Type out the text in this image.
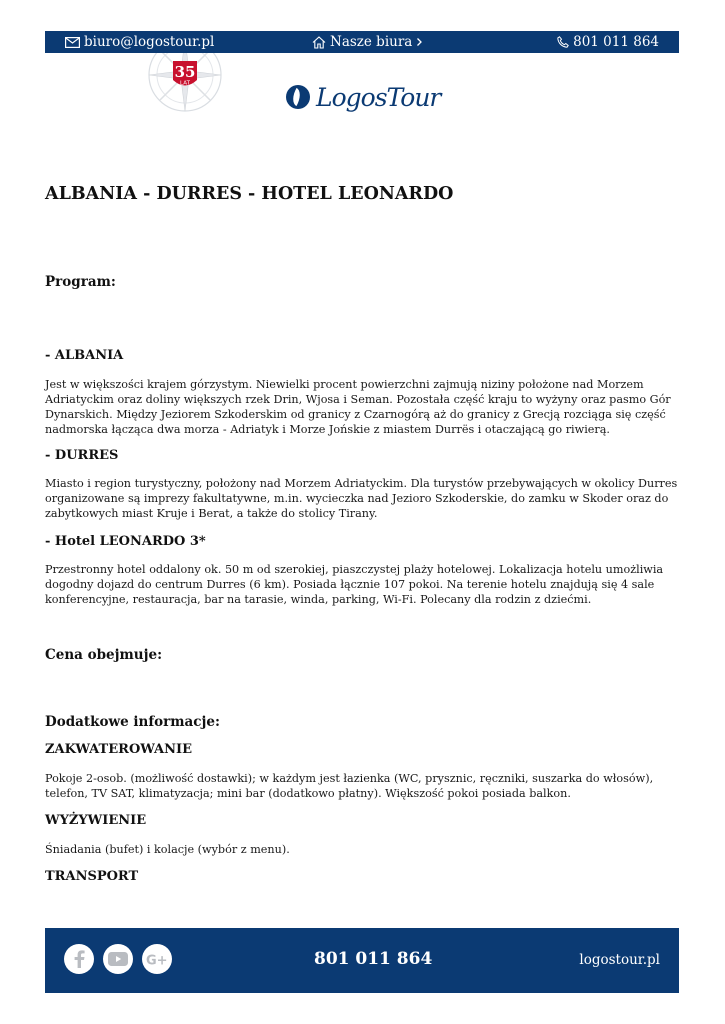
biuro@logostour.pl	Nasze biura	801 011 864
35
LAT	LogosTour
ALBANIA - DURRES - HOTEL LEONARDO

Program:

- ALBANIA

Jest w większości krajem górzystym. Niewielki procent powierzchni zajmują niziny położone nad Morzem Adriatyckim oraz doliny większych rzek Drin, Wjosa i Seman. Pozostała część kraju to wyżyny oraz pasmo Gór Dynarskich. Między Jeziorem Szkoderskim od granicy z Czarnogórą aż do granicy z Grecją rozciąga się część nadmorska łącząca dwa morza - Adriatyk i Morze Jońskie z miastem Durrës i otaczającą go riwierą.

- DURRES

Miasto i region turystyczny, położony nad Morzem Adriatyckim. Dla turystów przebywających w okolicy Durres organizowane są imprezy fakultatywne, m.in. wycieczka nad Jezioro Szkoderskie, do zamku w Skoder oraz do zabytkowych miast Kruje i Berat, a także do stolicy Tirany.

- Hotel LEONARDO 3*

Przestronny hotel oddalony ok. 50 m od szerokiej, piaszczystej plaży hotelowej. Lokalizacja hotelu umożliwia dogodny dojazd do centrum Durres (6 km). Posiada łącznie 107 pokoi. Na terenie hotelu znajdują się 4 sale konferencyjne, restauracja, bar na tarasie, winda, parking, Wi-Fi. Polecany dla rodzin z dziećmi.

Cena obejmuje:

Dodatkowe informacje:

ZAKWATEROWANIE

Pokoje 2-osob. (możliwość dostawki); w każdym jest łazienka (WC, prysznic, ręczniki, suszarka do włosów), telefon, TV SAT, klimatyzacja; mini bar (dodatkowo płatny). Większość pokoi posiada balkon.

WYŻYWIENIE

Śniadania (bufet) i kolacje (wybór z menu).

TRANSPORT

G+	801 011 864	logostour.pl
